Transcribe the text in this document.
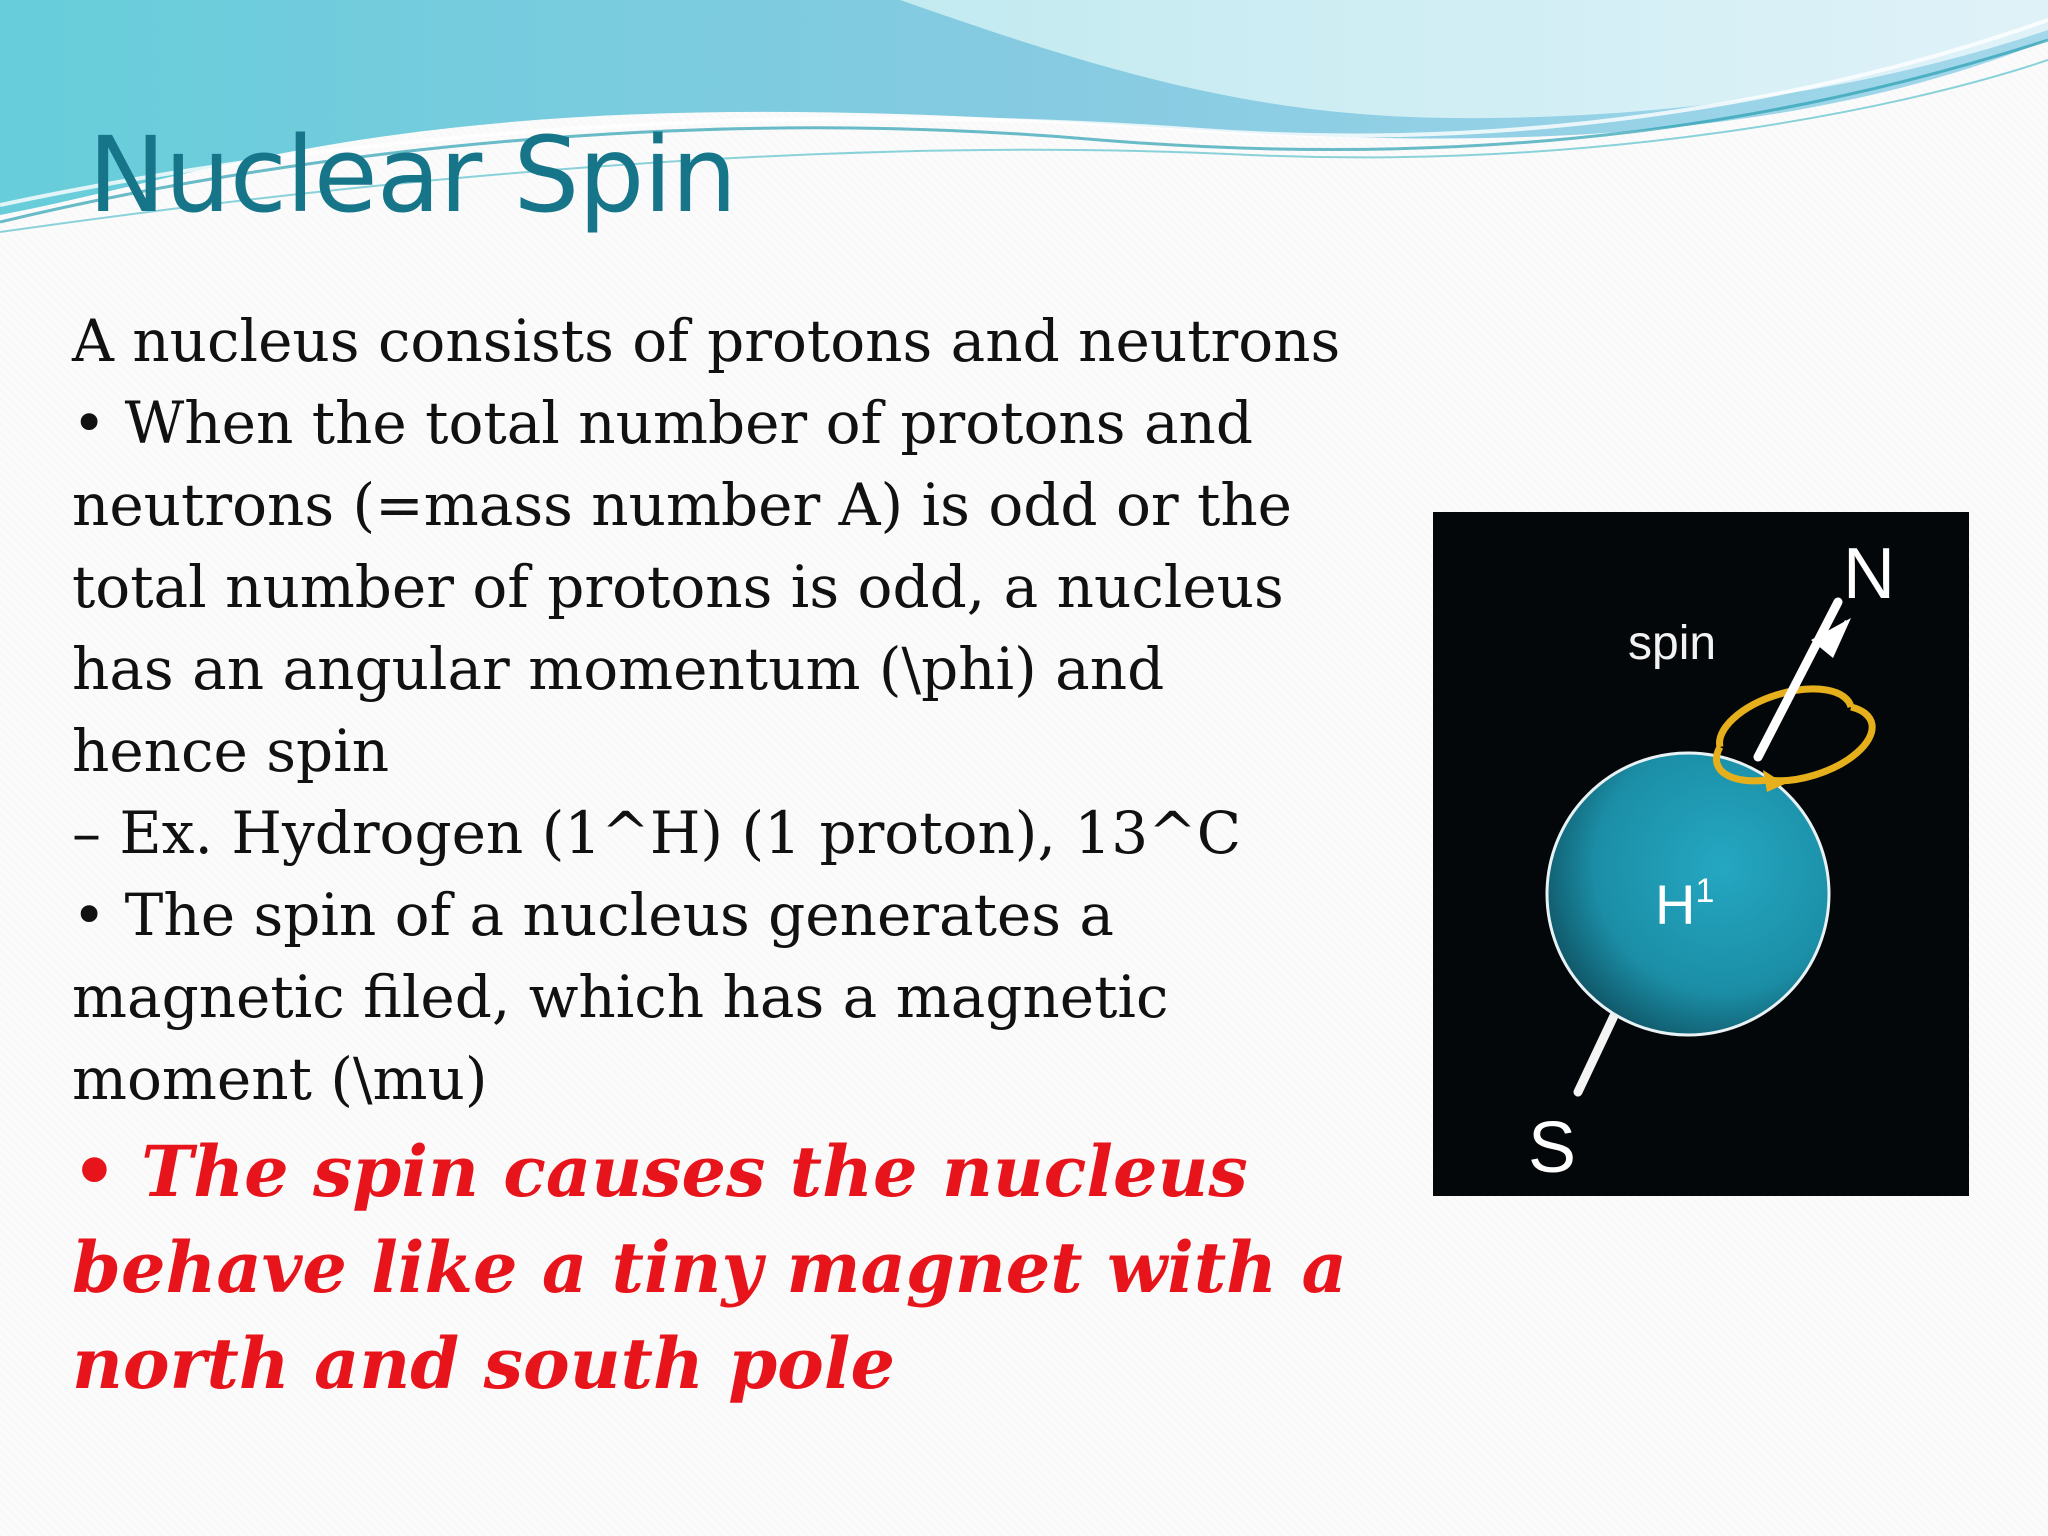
Nuclear Spin
A nucleus consists of protons and neutrons
• When the total number of protons and
neutrons (=mass number A) is odd or the
total number of protons is odd, a nucleus
has an angular momentum (\phi) and
hence spin
– Ex. Hydrogen (1^H) (1 proton), 13^C
• The spin of a nucleus generates a
magnetic filed, which has a magnetic
moment (\mu)
• The spin causes the nucleus
behave like a tiny magnet with a
north and south pole
N
spin
S
$H^1$
